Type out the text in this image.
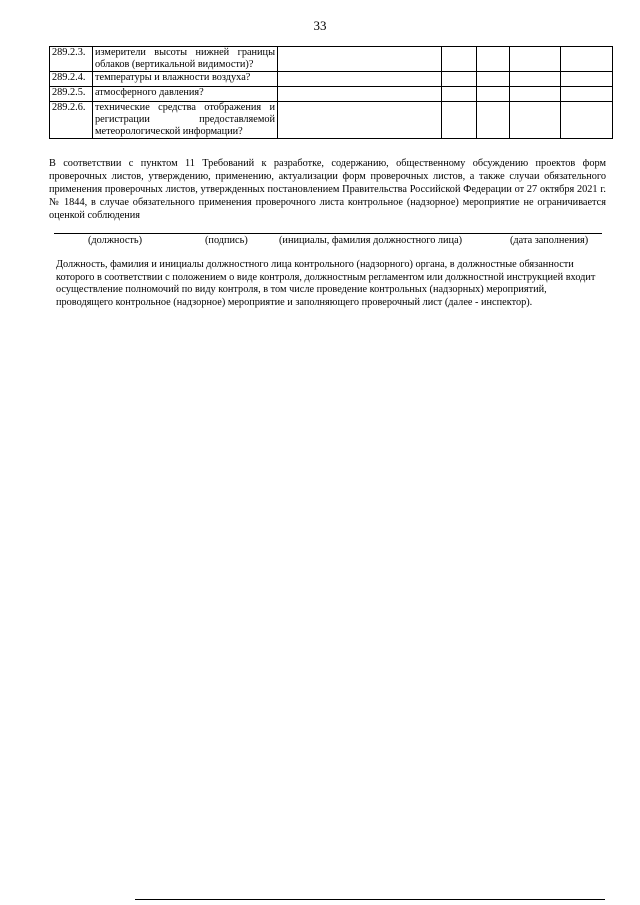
33
289.2.3.	измерители высоты нижней границы облаков (вертикальной видимости)?					
289.2.4.	температуры и влажности воздуха?					
289.2.5.	атмосферного давления?					
289.2.6.	технические средства отображения и регистрации предоставляемой метеорологической информации?					

В соответствии с пунктом 11 Требований к разработке, содержанию, общественному обсуждению проектов форм проверочных листов, утверждению, применению, актуализации форм проверочных листов, а также случаи обязательного применения проверочных листов, утвержденных постановлением Правительства Российской Федерации от 27 октября 2021 г. № 1844, в случае обязательного применения проверочного листа контрольное (надзорное) мероприятие не ограничивается оценкой соблюдения

(должность)	(подпись)	(инициалы, фамилия должностного лица)	(дата заполнения)

Должность, фамилия и инициалы должностного лица контрольного (надзорного) органа, в должностные обязанности которого в соответствии с положением о виде контроля, должностным регламентом или должностной инструкцией входит осуществление полномочий по виду контроля, в том числе проведение контрольных (надзорных) мероприятий, проводящего контрольное (надзорное) мероприятие и заполняющего проверочный лист (далее - инспектор).
